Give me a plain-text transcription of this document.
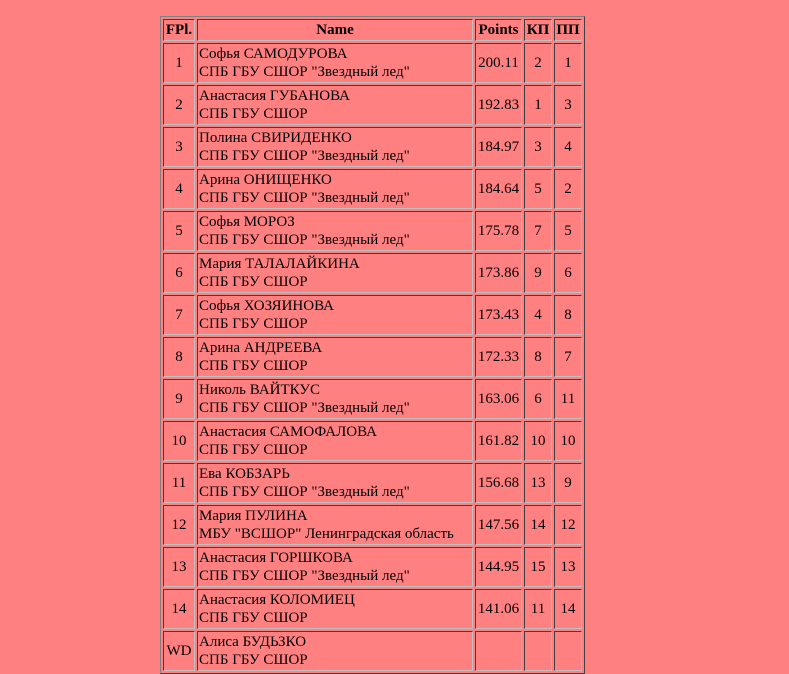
FPl.	Name	Points	КП	ПП
1	Софья САМОДУРОВА
СПБ ГБУ СШОР "Звездный лед"	200.11	2	1
2	Анастасия ГУБАНОВА
СПБ ГБУ СШОР	192.83	1	3
3	Полина СВИРИДЕНКО
СПБ ГБУ СШОР "Звездный лед"	184.97	3	4
4	Арина ОНИЩЕНКО
СПБ ГБУ СШОР "Звездный лед"	184.64	5	2
5	Софья МОРОЗ
СПБ ГБУ СШОР "Звездный лед"	175.78	7	5
6	Мария ТАЛАЛАЙКИНА
СПБ ГБУ СШОР	173.86	9	6
7	Софья ХОЗЯИНОВА
СПБ ГБУ СШОР	173.43	4	8
8	Арина АНДРЕЕВА
СПБ ГБУ СШОР	172.33	8	7
9	Николь ВАЙТКУС
СПБ ГБУ СШОР "Звездный лед"	163.06	6	11
10	Анастасия САМОФАЛОВА
СПБ ГБУ СШОР	161.82	10	10
11	Ева КОБЗАРЬ
СПБ ГБУ СШОР "Звездный лед"	156.68	13	9
12	Мария ПУЛИНА
МБУ "ВСШОР" Ленинградская область	147.56	14	12
13	Анастасия ГОРШКОВА
СПБ ГБУ СШОР "Звездный лед"	144.95	15	13
14	Анастасия КОЛОМИЕЦ
СПБ ГБУ СШОР	141.06	11	14
WD	Алиса БУДЬЗКО
СПБ ГБУ СШОР			
